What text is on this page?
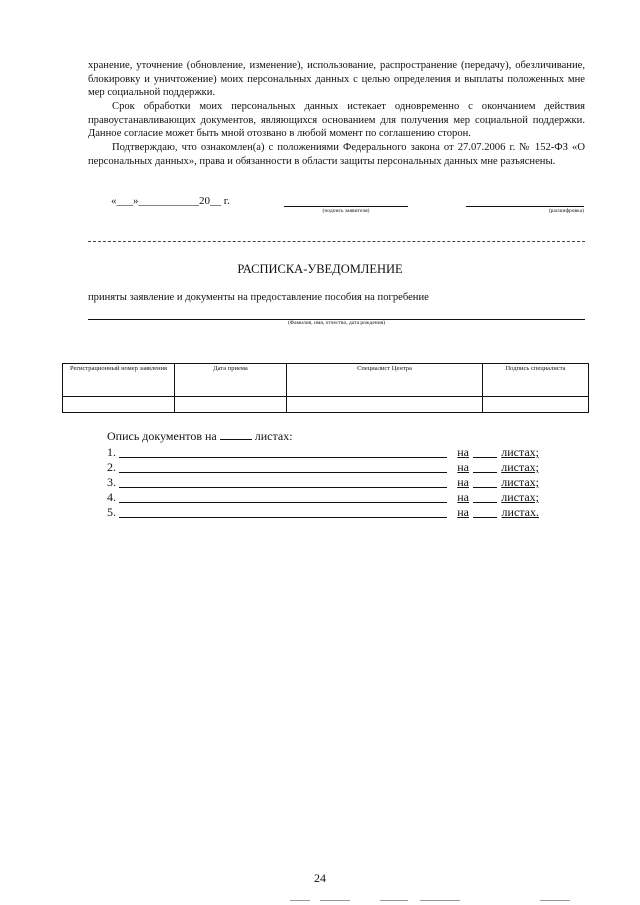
хранение, уточнение (обновление, изменение), использование, распространение (передачу), обезличивание, блокировку и уничтожение) моих персональных данных с целью определения и выплаты положенных мне мер социальной поддержки.

Срок обработки моих персональных данных истекает одновременно с окончанием действия правоустанавливающих документов, являющихся основанием для получения мер социальной поддержки. Данное согласие может быть мной отозвано в любой момент по соглашению сторон.

Подтверждаю, что ознакомлен(а) с положениями Федерального закона от 27.07.2006 г. № 152-ФЗ «О персональных данных», права и обязанности в области защиты персональных данных мне разъяснены.

«___»___________20__ г.
(подпись заявителя)	(расшифровка)
РАСПИСКА-УВЕДОМЛЕНИЕ
приняты заявление и документы на предоставление пособия на погребение
(Фамилия, имя, отчество, дата рождения)
Регистрационный номер заявления	Дата приема	Специалист Центра	Подпись специалиста

Опись документов на	листах:
1.	на	листах;
2.	на	листах;
3.	на	листах;
4.	на	листах;
5.	на	листах.
24
